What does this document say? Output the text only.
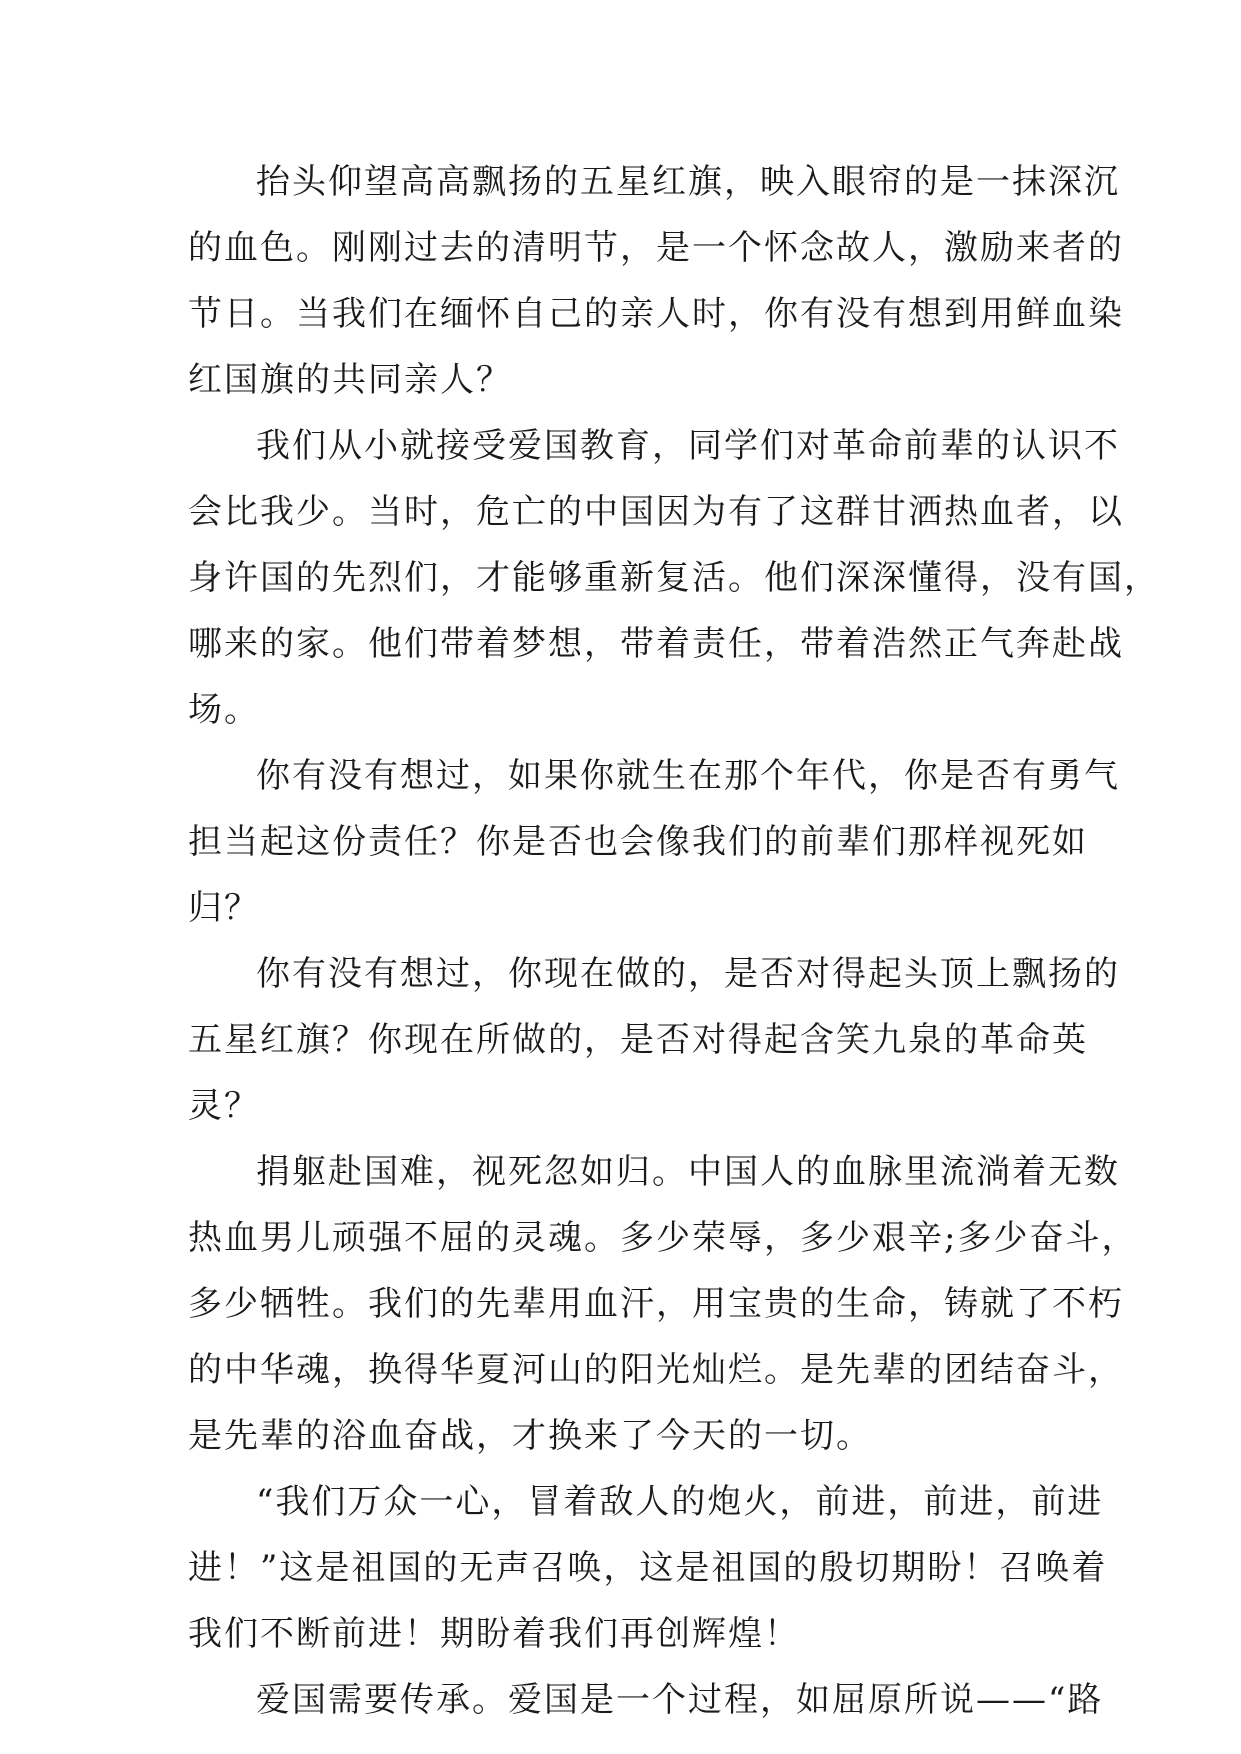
抬头仰望高高飘扬的五星红旗，映入眼帘的是一抹深沉
的血色。刚刚过去的清明节，是一个怀念故人，激励来者的
节日。当我们在缅怀自己的亲人时，你有没有想到用鲜血染
红国旗的共同亲人？
我们从小就接受爱国教育，同学们对革命前辈的认识不
会比我少。当时，危亡的中国因为有了这群甘洒热血者，以
身许国的先烈们，才能够重新复活。他们深深懂得，没有国，
哪来的家。他们带着梦想，带着责任，带着浩然正气奔赴战
场。
你有没有想过，如果你就生在那个年代，你是否有勇气
担当起这份责任？你是否也会像我们的前辈们那样视死如
归？
你有没有想过，你现在做的，是否对得起头顶上飘扬的
五星红旗？你现在所做的，是否对得起含笑九泉的革命英
灵？
捐躯赴国难，视死忽如归。中国人的血脉里流淌着无数
热血男儿顽强不屈的灵魂。多少荣辱，多少艰辛;多少奋斗，
多少牺牲。我们的先辈用血汗，用宝贵的生命，铸就了不朽
的中华魂，换得华夏河山的阳光灿烂。是先辈的团结奋斗，
是先辈的浴血奋战，才换来了今天的一切。
“我们万众一心，冒着敌人的炮火，前进，前进，前进
进！”这是祖国的无声召唤，这是祖国的殷切期盼！召唤着
我们不断前进！期盼着我们再创辉煌！
爱国需要传承。爱国是一个过程，如屈原所说——“路
